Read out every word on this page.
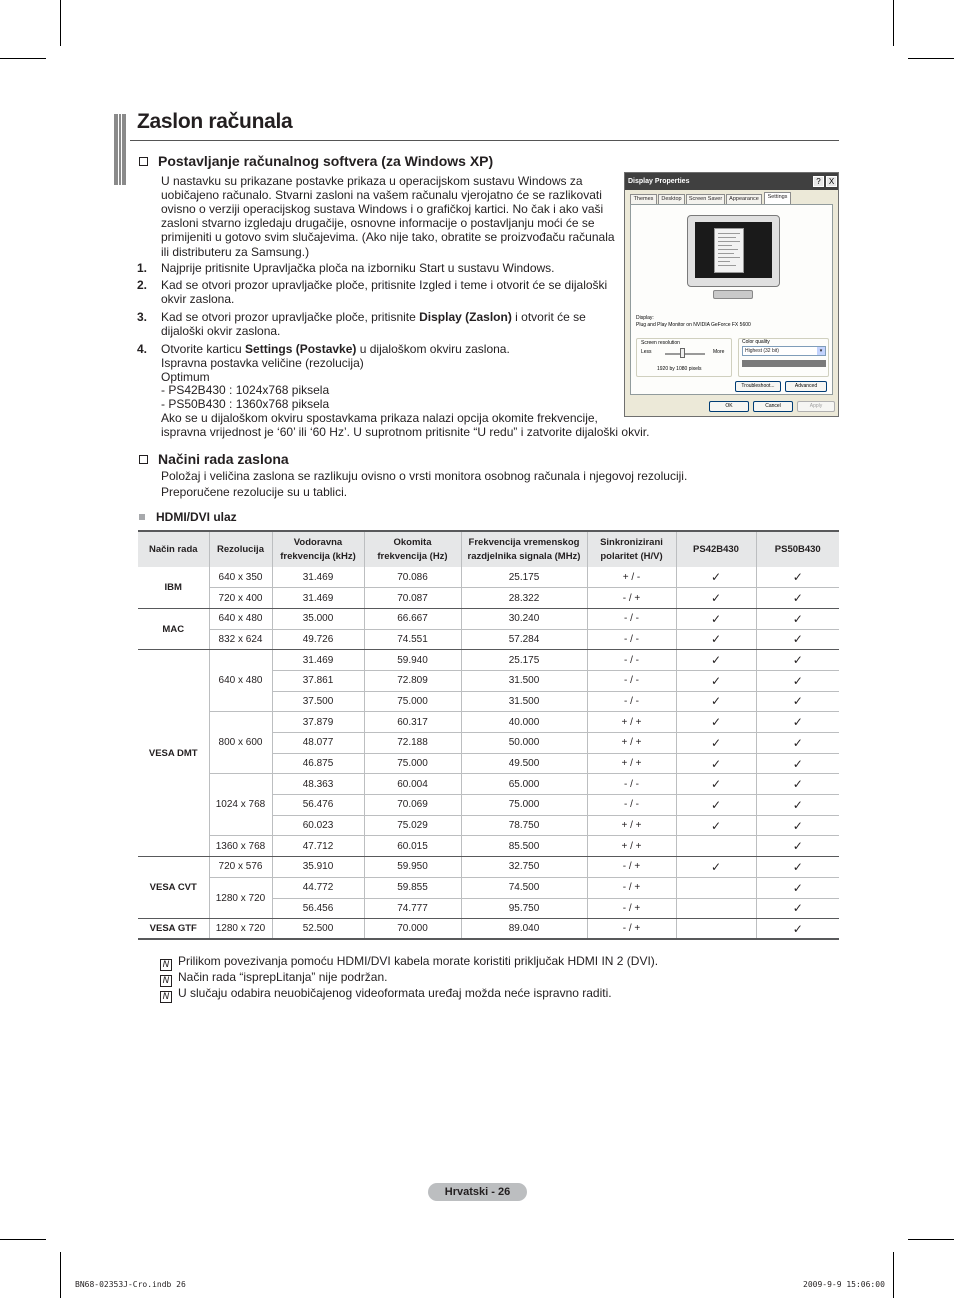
Zaslon računala
Postavljanje računalnog softvera (za Windows XP)
U nastavku su prikazane postavke prikaza u operacijskom sustavu Windows za
uobičajeno računalo. Stvarni zasloni na vašem računalu vjerojatno će se razlikovati
ovisno o verziji operacijskog sustava Windows i o grafičkoj kartici. No čak i ako vaši
zasloni stvarno izgledaju drugačije, osnovne informacije o postavljanju moći će se
primijeniti u gotovo svim slučajevima. (Ako nije tako, obratite se proizvođaču računala
ili distributeru za Samsung.)
1. Najprije pritisnite Upravljačka ploča na izborniku Start u sustavu Windows.
2. Kad se otvori prozor upravljačke ploče, pritisnite Izgled i teme i otvorit će se dijaloški
okvir zaslona.
3. Kad se otvori prozor upravljačke ploče, pritisnite Display (Zaslon) i otvorit će se
dijaloški okvir zaslona.
4. Otvorite karticu Settings (Postavke) u dijaloškom okviru zaslona.
Ispravna postavka veličine (rezolucija)
Optimum
- PS42B430 : 1024x768 piksela
- PS50B430 : 1360x768 piksela
Ako se u dijaloškom okviru spostavkama prikaza nalazi opcija okomite frekvencije,
ispravna vrijednost je ‘60’ ili ‘60 Hz’. U suprotnom pritisnite “U redu” i zatvorite dijaloški okvir.
Display Properties	?	X
Themes	Desktop	Screen Saver	Appearance	Settings
Display:
Plug and Play Monitor on NVIDIA GeForce FX 5600
Screen resolution
Less	More
1920 by 1080 pixels
Color quality
Highest (32 bit)	▾
Troubleshoot...	Advanced
OK	Cancel	Apply
Načini rada zaslona
Položaj i veličina zaslona se razlikuju ovisno o vrsti monitora osobnog računala i njegovoj rezoluciji.
Preporučene rezolucije su u tablici.
HDMI/DVI ulaz
Način rada	Rezolucija	Vodoravna
frekvencija (kHz)	Okomita
frekvencija (Hz)	Frekvencija vremenskog
razdjelnika signala (MHz)	Sinkronizirani
polaritet (H/V)	PS42B430	PS50B430
IBM	640 x 350	31.469	70.086	25.175	+ / -	✓	✓
	720 x 400	31.469	70.087	28.322	- / +	✓	✓
MAC	640 x 480	35.000	66.667	30.240	- / -	✓	✓
	832 x 624	49.726	74.551	57.284	- / -	✓	✓
VESA DMT	640 x 480	31.469	59.940	25.175	- / -	✓	✓
		37.861	72.809	31.500	- / -	✓	✓
		37.500	75.000	31.500	- / -	✓	✓
	800 x 600	37.879	60.317	40.000	+ / +	✓	✓
		48.077	72.188	50.000	+ / +	✓	✓
		46.875	75.000	49.500	+ / +	✓	✓
	1024 x 768	48.363	60.004	65.000	- / -	✓	✓
		56.476	70.069	75.000	- / -	✓	✓
		60.023	75.029	78.750	+ / +	✓	✓
	1360 x 768	47.712	60.015	85.500	+ / +		✓
VESA CVT	720 x 576	35.910	59.950	32.750	- / +	✓	✓
	1280 x 720	44.772	59.855	74.500	- / +		✓
		56.456	74.777	95.750	- / +		✓
VESA GTF	1280 x 720	52.500	70.000	89.040	- / +		✓
N Prilikom povezivanja pomoću HDMI/DVI kabela morate koristiti priključak HDMI IN 2 (DVI).
N Način rada “isprepLitanja” nije podržan.
N U slučaju odabira neuobičajenog videoformata uređaj možda neće ispravno raditi.
Hrvatski - 26
BN68-02353J-Cro.indb 26	2009-9-9 15:06:00
